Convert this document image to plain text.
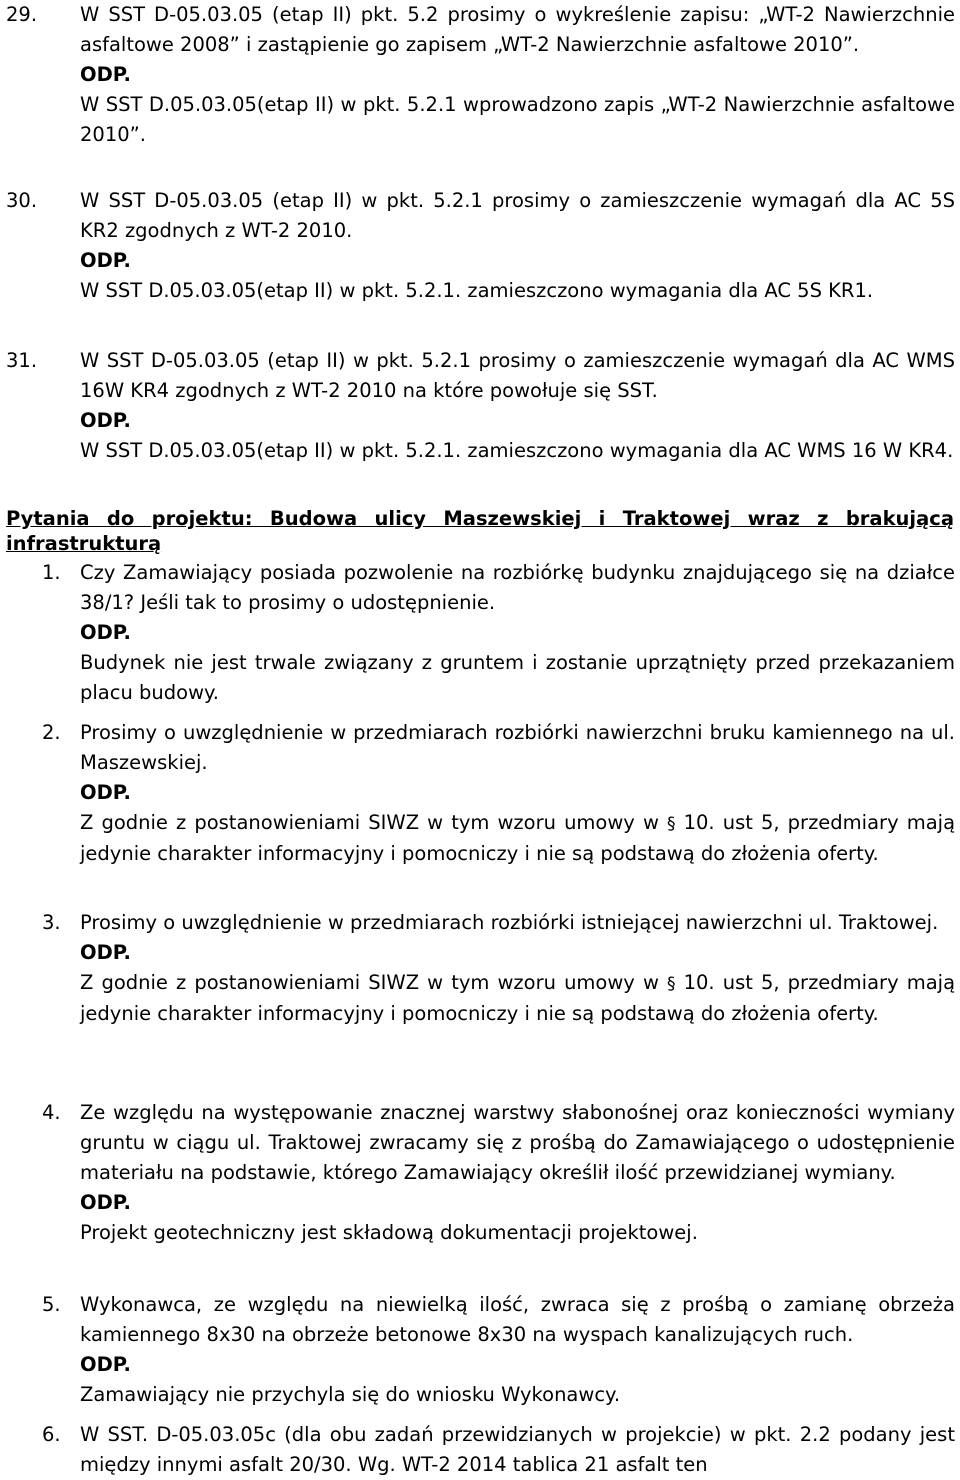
29.	W SST D-05.03.05 (etap II) pkt. 5.2 prosimy o wykreślenie zapisu: „WT-2 Nawierzchnie asfaltowe 2008” i zastąpienie go zapisem „WT-2 Nawierzchnie asfaltowe 2010”.

ODP.

W SST D.05.03.05(etap II) w pkt. 5.2.1 wprowadzono zapis „WT-2 Nawierzchnie asfaltowe 2010”.

30.	W SST D-05.03.05 (etap II) w pkt. 5.2.1 prosimy o zamieszczenie wymagań dla AC 5S KR2 zgodnych z WT-2 2010.

ODP.

W SST D.05.03.05(etap II) w pkt. 5.2.1. zamieszczono wymagania dla AC 5S KR1.

31.	W SST D-05.03.05 (etap II) w pkt. 5.2.1 prosimy o zamieszczenie wymagań dla AC WMS 16W KR4 zgodnych z WT-2 2010 na które powołuje się SST.

ODP.

W SST D.05.03.05(etap II) w pkt. 5.2.1. zamieszczono wymagania dla AC WMS 16 W KR4.

Pytania do projektu: Budowa ulicy Maszewskiej i Traktowej wraz z brakującą infrastrukturą
1. Czy Zamawiający posiada pozwolenie na rozbiórkę budynku znajdującego się na działce 38/1? Jeśli tak to prosimy o udostępnienie.

ODP.

Budynek nie jest trwale związany z gruntem i zostanie uprzątnięty przed przekazaniem placu budowy.

2. Prosimy o uwzględnienie w przedmiarach rozbiórki nawierzchni bruku kamiennego na ul. Maszewskiej.

ODP.

Z godnie z postanowieniami SIWZ w tym wzoru umowy w § 10. ust 5, przedmiary mają jedynie charakter informacyjny i pomocniczy i nie są podstawą do złożenia oferty.

3. Prosimy o uwzględnienie w przedmiarach rozbiórki istniejącej nawierzchni ul. Traktowej.

ODP.

Z godnie z postanowieniami SIWZ w tym wzoru umowy w § 10. ust 5, przedmiary mają jedynie charakter informacyjny i pomocniczy i nie są podstawą do złożenia oferty.

4. Ze względu na występowanie znacznej warstwy słabonośnej oraz konieczności wymiany gruntu w ciągu ul. Traktowej zwracamy się z prośbą do Zamawiającego o udostępnienie materiału na podstawie, którego Zamawiający określił ilość przewidzianej wymiany.

ODP.

Projekt geotechniczny jest składową dokumentacji projektowej.

5. Wykonawca, ze względu na niewielką ilość, zwraca się z prośbą o zamianę obrzeża kamiennego 8x30 na obrzeże betonowe 8x30 na wyspach kanalizujących ruch.

ODP.

Zamawiający nie przychyla się do wniosku Wykonawcy.

6. W SST. D-05.03.05c (dla obu zadań przewidzianych w projekcie) w pkt. 2.2 podany jest między innymi asfalt 20/30. Wg. WT-2 2014 tablica 21 asfalt ten
